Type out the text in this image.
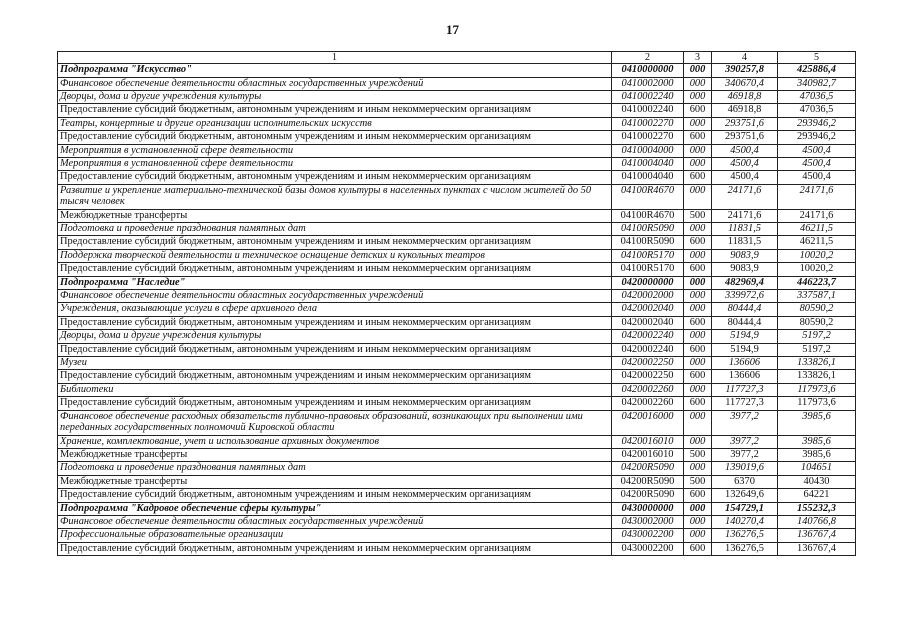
17
1	2	3	4	5
Подпрограмма "Искусство"	0410000000	000	390257,8	425886,4
Финансовое обеспечение деятельности областных государственных учреждений	0410002000	000	340670,4	340982,7
Дворцы, дома и другие учреждения культуры	0410002240	000	46918,8	47036,5
Предоставление субсидий бюджетным, автономным учреждениям и иным некоммерческим организациям	0410002240	600	46918,8	47036,5
Театры, концертные и другие организации исполнительских искусств	0410002270	000	293751,6	293946,2
Предоставление субсидий бюджетным, автономным учреждениям и иным некоммерческим организациям	0410002270	600	293751,6	293946,2
Мероприятия в установленной сфере деятельности	0410004000	000	4500,4	4500,4
Мероприятия в установленной сфере деятельности	0410004040	000	4500,4	4500,4
Предоставление субсидий бюджетным, автономным учреждениям и иным некоммерческим организациям	0410004040	600	4500,4	4500,4
Развитие и укрепление материально-технической базы домов культуры в населенных пунктах с числом жителей до 50 тысяч человек	04100R4670	000	24171,6	24171,6
Межбюджетные трансферты	04100R4670	500	24171,6	24171,6
Подготовка и проведение празднования памятных дат	04100R5090	000	11831,5	46211,5
Предоставление субсидий бюджетным, автономным учреждениям и иным некоммерческим организациям	04100R5090	600	11831,5	46211,5
Поддержка творческой деятельности и техническое оснащение детских и кукольных театров	04100R5170	000	9083,9	10020,2
Предоставление субсидий бюджетным, автономным учреждениям и иным некоммерческим организациям	04100R5170	600	9083,9	10020,2
Подпрограмма "Наследие"	0420000000	000	482969,4	446223,7
Финансовое обеспечение деятельности областных государственных учреждений	0420002000	000	339972,6	337587,1
Учреждения, оказывающие услуги в сфере архивного дела	0420002040	000	80444,4	80590,2
Предоставление субсидий бюджетным, автономным учреждениям и иным некоммерческим организациям	0420002040	600	80444,4	80590,2
Дворцы, дома и другие учреждения культуры	0420002240	000	5194,9	5197,2
Предоставление субсидий бюджетным, автономным учреждениям и иным некоммерческим организациям	0420002240	600	5194,9	5197,2
Музеи	0420002250	000	136606	133826,1
Предоставление субсидий бюджетным, автономным учреждениям и иным некоммерческим организациям	0420002250	600	136606	133826,1
Библиотеки	0420002260	000	117727,3	117973,6
Предоставление субсидий бюджетным, автономным учреждениям и иным некоммерческим организациям	0420002260	600	117727,3	117973,6
Финансовое обеспечение расходных обязательств публично-правовых образований, возникающих при выполнении ими переданных государственных полномочий Кировской области	0420016000	000	3977,2	3985,6
Хранение, комплектование, учет и использование архивных документов	0420016010	000	3977,2	3985,6
Межбюджетные трансферты	0420016010	500	3977,2	3985,6
Подготовка и проведение празднования памятных дат	04200R5090	000	139019,6	104651
Межбюджетные трансферты	04200R5090	500	6370	40430
Предоставление субсидий бюджетным, автономным учреждениям и иным некоммерческим организациям	04200R5090	600	132649,6	64221
Подпрограмма "Кадровое обеспечение сферы культуры"	0430000000	000	154729,1	155232,3
Финансовое обеспечение деятельности областных государственных учреждений	0430002000	000	140270,4	140766,8
Профессиональные образовательные организации	0430002200	000	136276,5	136767,4
Предоставление субсидий бюджетным, автономным учреждениям и иным некоммерческим организациям	0430002200	600	136276,5	136767,4
